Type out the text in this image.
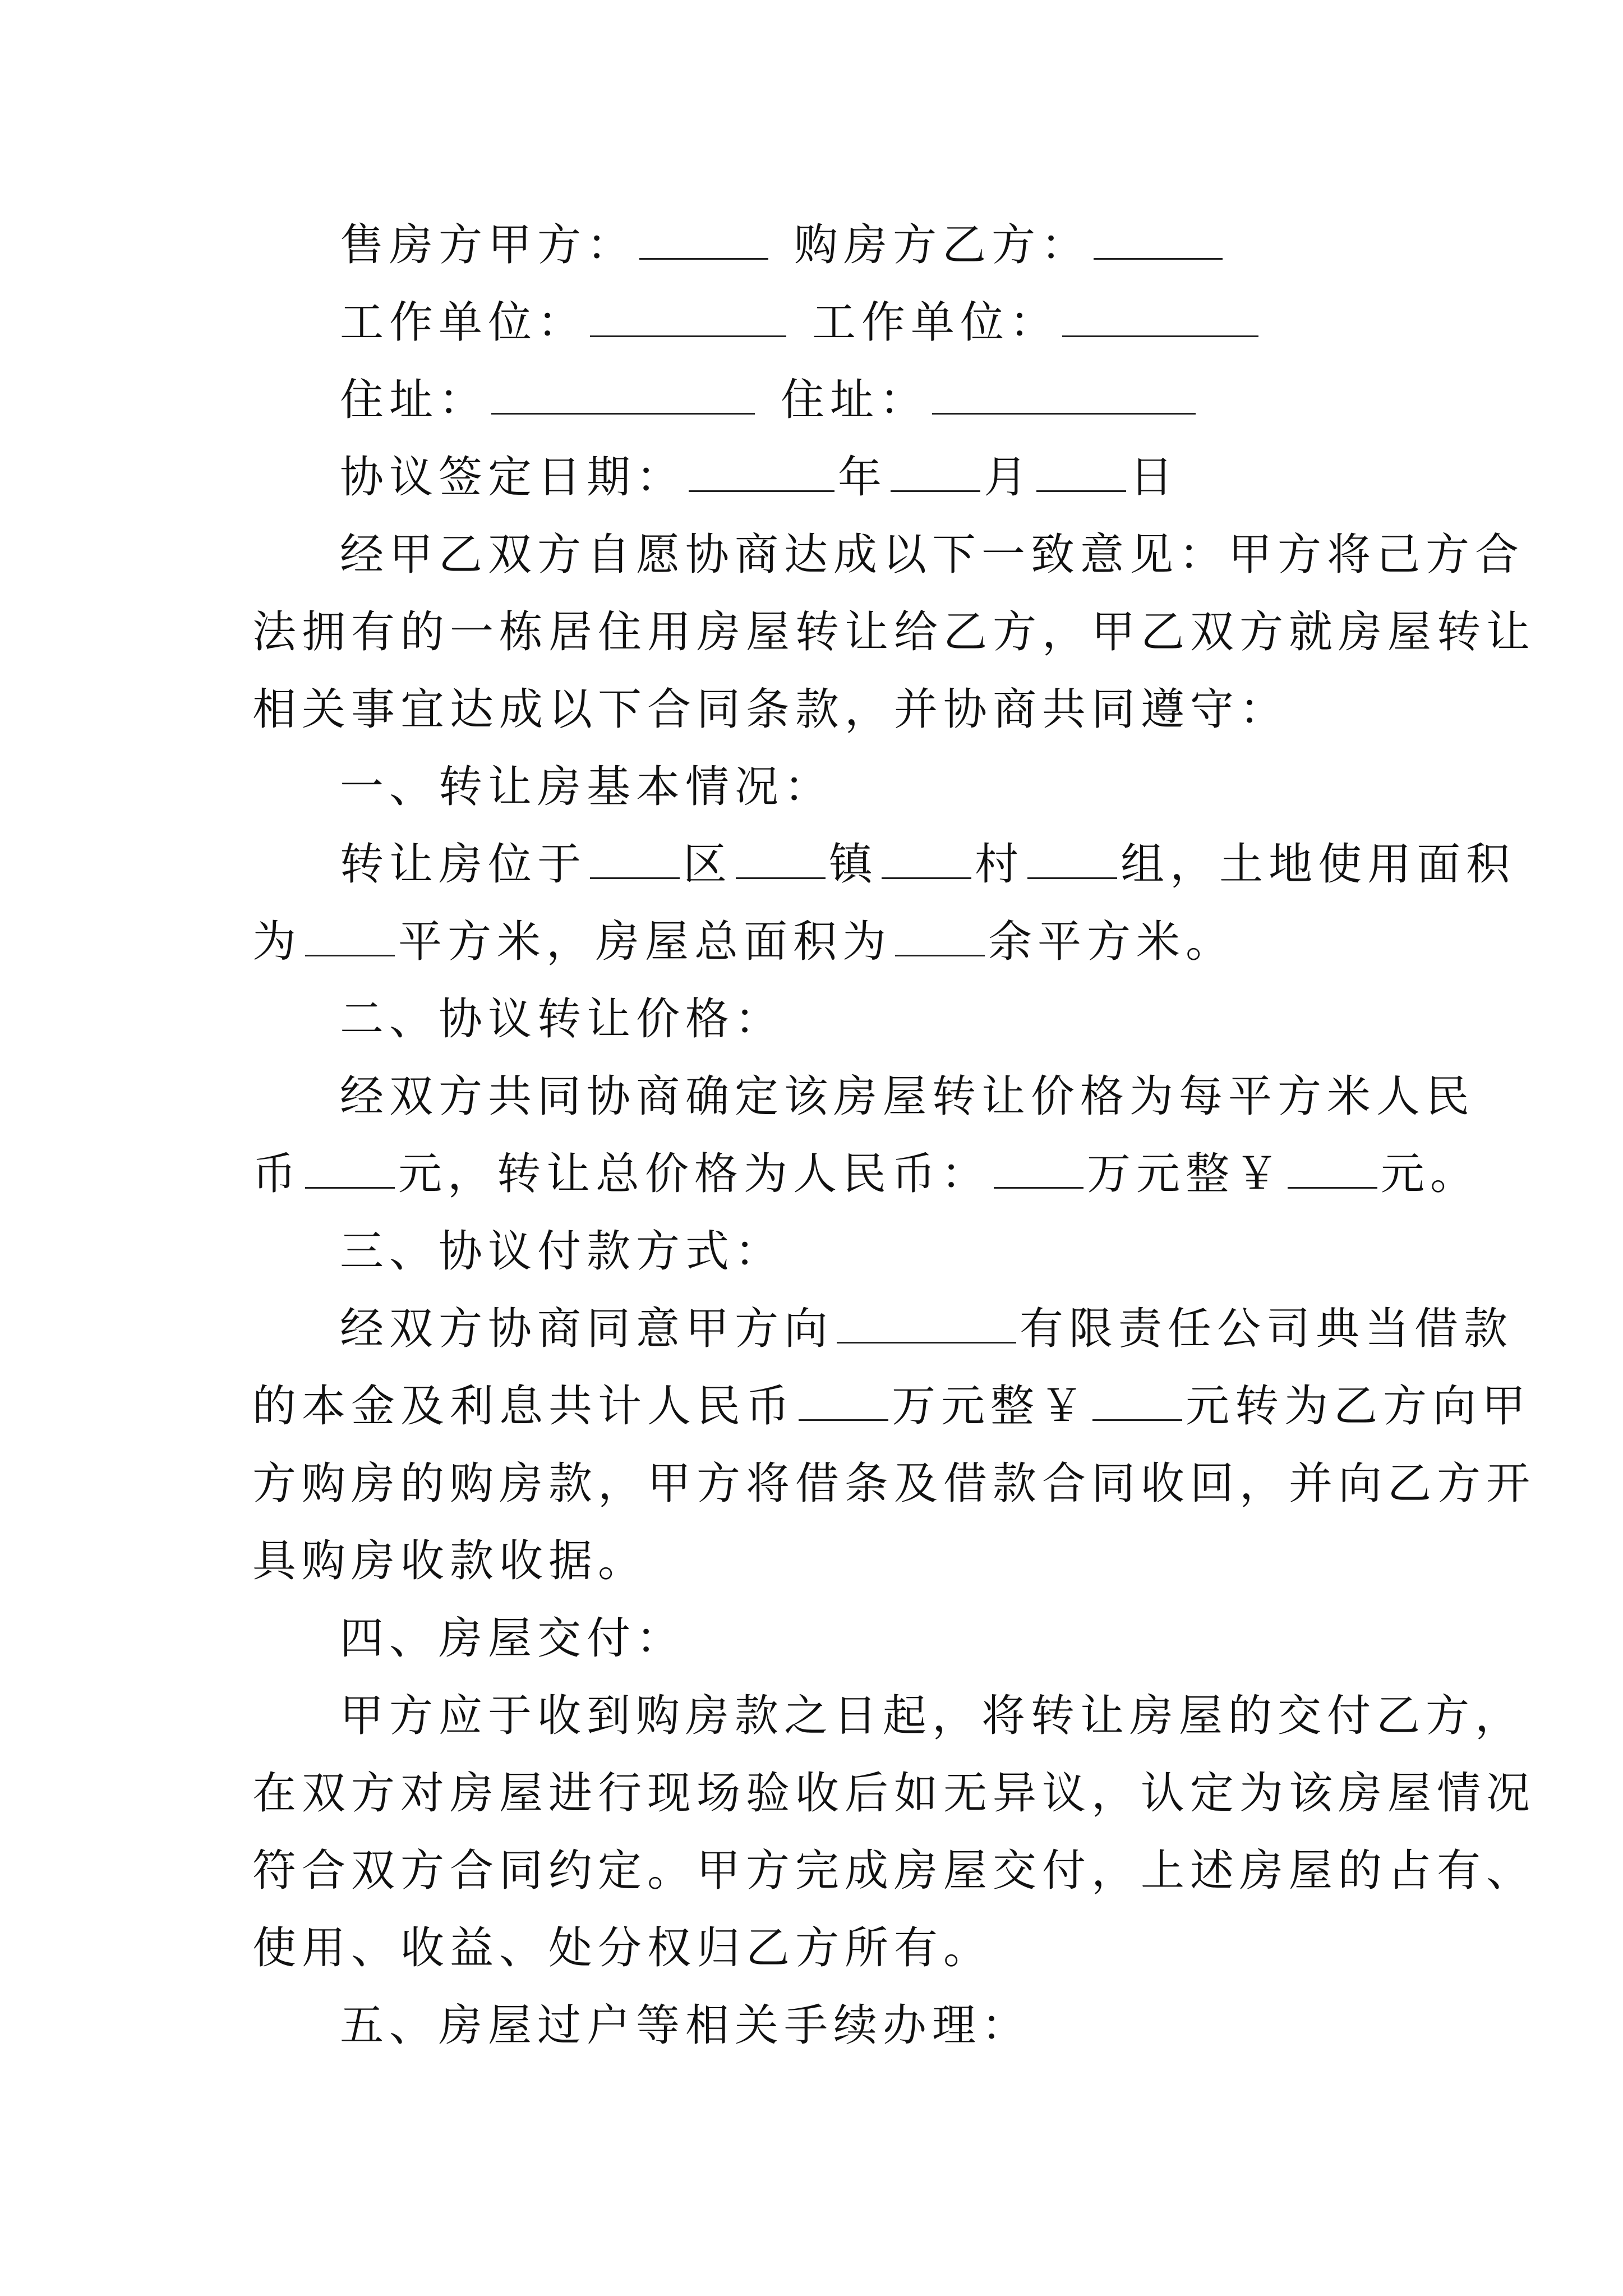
售房方甲方：	购房方乙方：
工作单位：	工作单位：
住址：	住址：
协议签定日期：	年 月 日
经甲乙双方自愿协商达成以下一致意见：甲方将己方合
法拥有的一栋居住用房屋转让给乙方，甲乙双方就房屋转让
相关事宜达成以下合同条款，并协商共同遵守：
一、转让房基本情况：
转让房位于 区 镇 村 组，土地使用面积
为 平方米，房屋总面积为 余平方米。
二、协议转让价格：
经双方共同协商确定该房屋转让价格为每平方米人民
币 元，转让总价格为人民币： 万元整￥ 元。
三、协议付款方式：
经双方协商同意甲方向	有限责任公司典当借款
的本金及利息共计人民币 万元整￥ 元转为乙方向甲
方购房的购房款，甲方将借条及借款合同收回，并向乙方开
具购房收款收据。
四、房屋交付：
甲方应于收到购房款之日起，将转让房屋的交付乙方，
在双方对房屋进行现场验收后如无异议，认定为该房屋情况
符合双方合同约定。甲方完成房屋交付，上述房屋的占有、
使用、收益、处分权归乙方所有。
五、房屋过户等相关手续办理：
